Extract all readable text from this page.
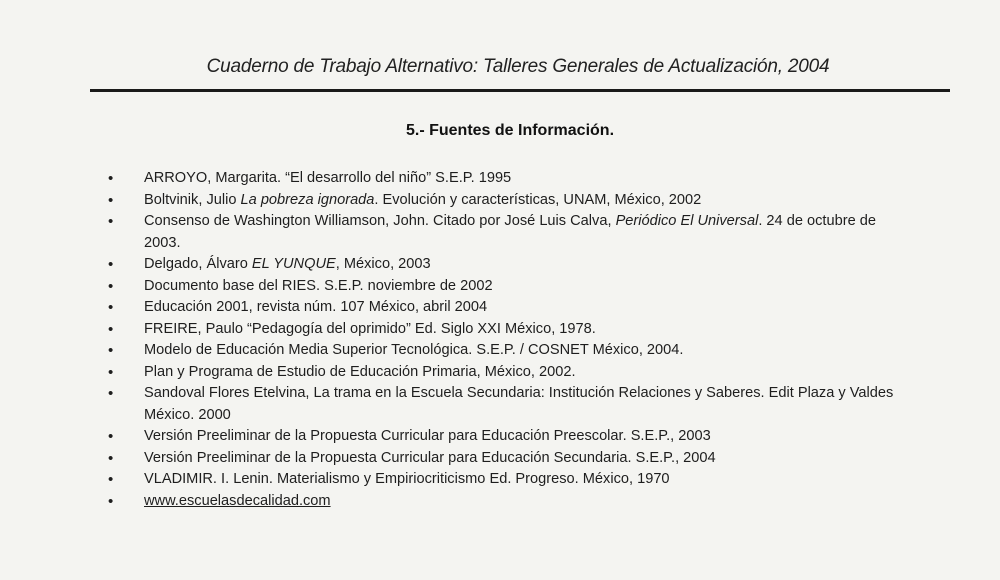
Cuaderno de Trabajo Alternativo: Talleres Generales de Actualización, 2004
5.- Fuentes de Información.
• ARROYO, Margarita. “El desarrollo del niño” S.E.P. 1995
• Boltvinik, Julio La pobreza ignorada. Evolución y características, UNAM, México, 2002
• Consenso de Washington Williamson, John. Citado por José Luis Calva, Periódico El Universal. 24 de octubre de 2003.
• Delgado, Álvaro EL YUNQUE, México, 2003
• Documento base del RIES. S.E.P. noviembre de 2002
• Educación 2001, revista núm. 107 México, abril 2004
• FREIRE, Paulo “Pedagogía del oprimido” Ed. Siglo XXI México, 1978.
• Modelo de Educación Media Superior Tecnológica. S.E.P. / COSNET México, 2004.
• Plan y Programa de Estudio de Educación Primaria, México, 2002.
• Sandoval Flores Etelvina, La trama en la Escuela Secundaria: Institución Relaciones y Saberes. Edit Plaza y Valdes México. 2000
• Versión Preeliminar de la Propuesta Curricular para Educación Preescolar. S.E.P., 2003
• Versión Preeliminar de la Propuesta Curricular para Educación Secundaria. S.E.P., 2004
• VLADIMIR. I. Lenin. Materialismo y Empiriocriticismo Ed. Progreso. México, 1970
• www.escuelasdecalidad.com
